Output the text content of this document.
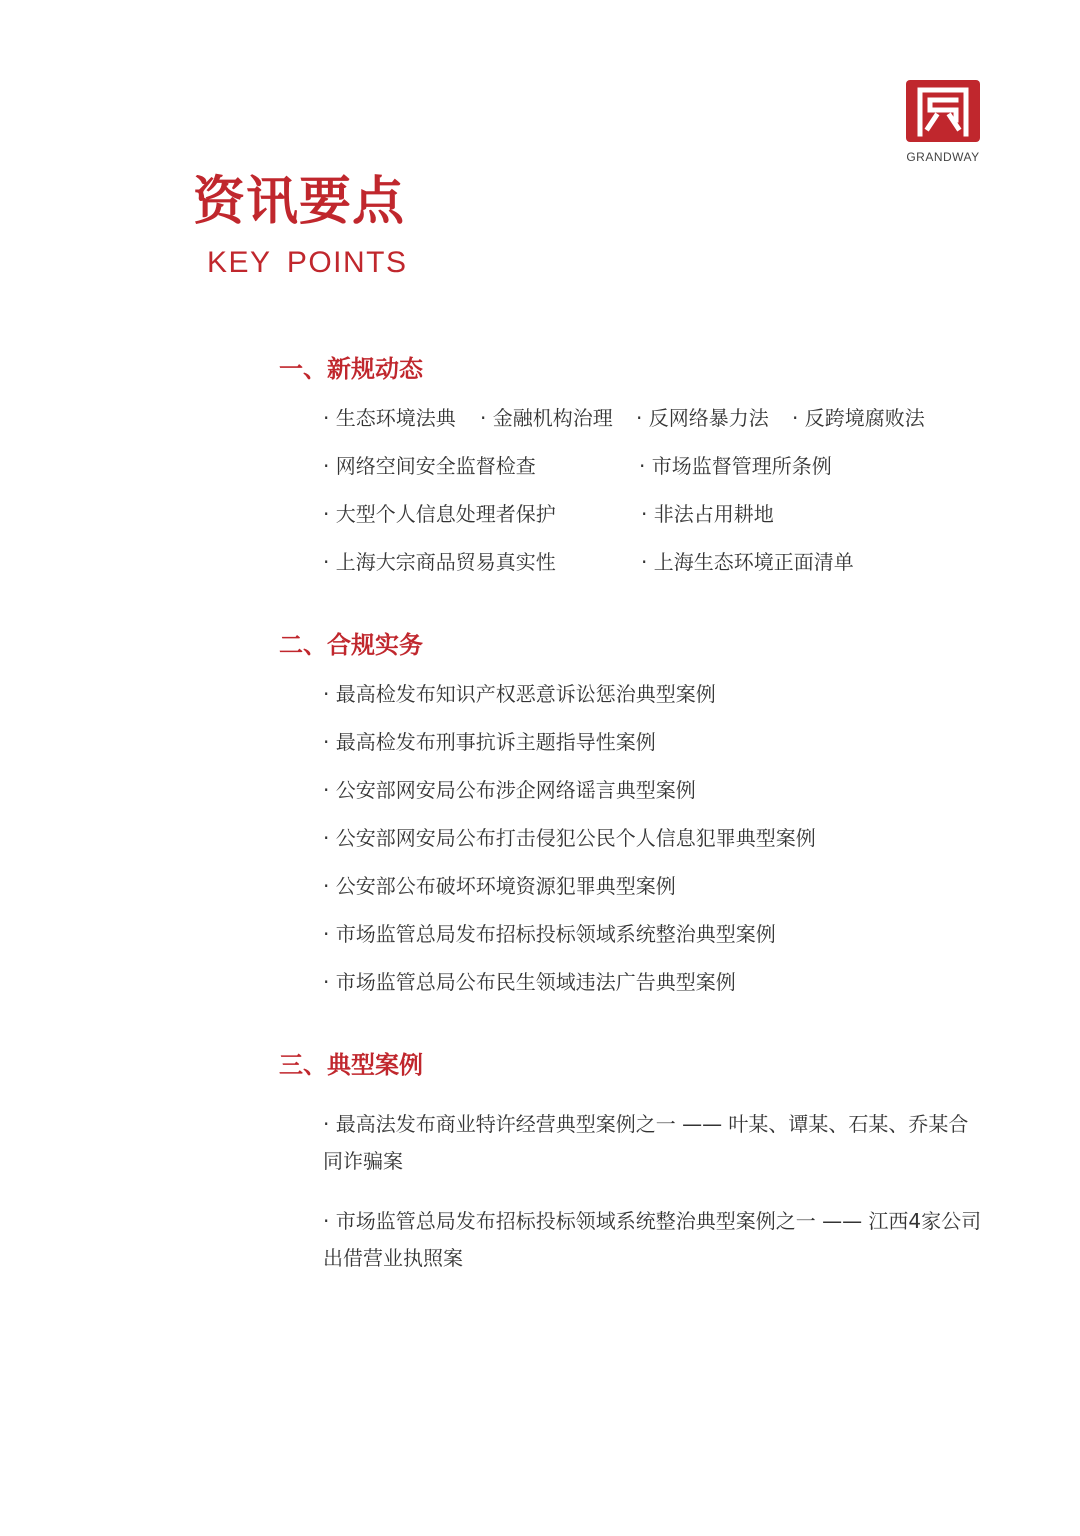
GRANDWAY
资讯要点
KEY POINTS
一、新规动态
· 生态环境法典 · 金融机构治理 · 反网络暴力法 · 反跨境腐败法
· 网络空间安全监督检查	· 市场监督管理所条例
· 大型个人信息处理者保护	· 非法占用耕地
· 上海大宗商品贸易真实性	· 上海生态环境正面清单
二、合规实务
· 最高检发布知识产权恶意诉讼惩治典型案例
· 最高检发布刑事抗诉主题指导性案例
· 公安部网安局公布涉企网络谣言典型案例
· 公安部网安局公布打击侵犯公民个人信息犯罪典型案例
· 公安部公布破坏环境资源犯罪典型案例
· 市场监管总局发布招标投标领域系统整治典型案例
· 市场监管总局公布民生领域违法广告典型案例
三、典型案例
· 最高法发布商业特许经营典型案例之一 —— 叶某、谭某、石某、乔某合同诈骗案
· 市场监管总局发布招标投标领域系统整治典型案例之一 —— 江西4家公司出借营业执照案
